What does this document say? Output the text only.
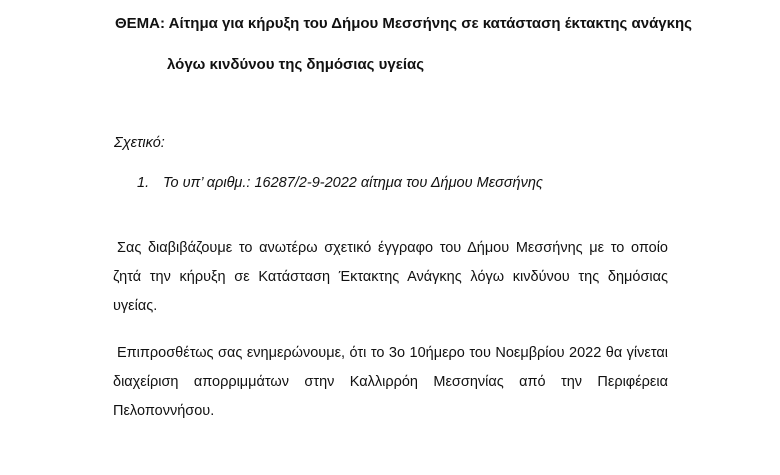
ΘΕΜΑ: Αίτημα για κήρυξη του Δήμου Μεσσήνης σε κατάσταση έκτακτης ανάγκης
λόγω κινδύνου της δημόσιας υγείας
Σχετικό:
1. Το υπ’ αριθμ.: 16287/2-9-2022 αίτημα του Δήμου Μεσσήνης
Σας διαβιβάζουμε το ανωτέρω σχετικό έγγραφο του Δήμου Μεσσήνης με το οποίο ζητά την κήρυξη σε Κατάσταση Έκτακτης Ανάγκης λόγω κινδύνου της δημόσιας υγείας.
Επιπροσθέτως σας ενημερώνουμε, ότι το 3ο 10ήμερο του Νοεμβρίου 2022 θα γίνεται διαχείριση απορριμμάτων στην Καλλιρρόη Μεσσηνίας από την Περιφέρεια Πελοποννήσου.
